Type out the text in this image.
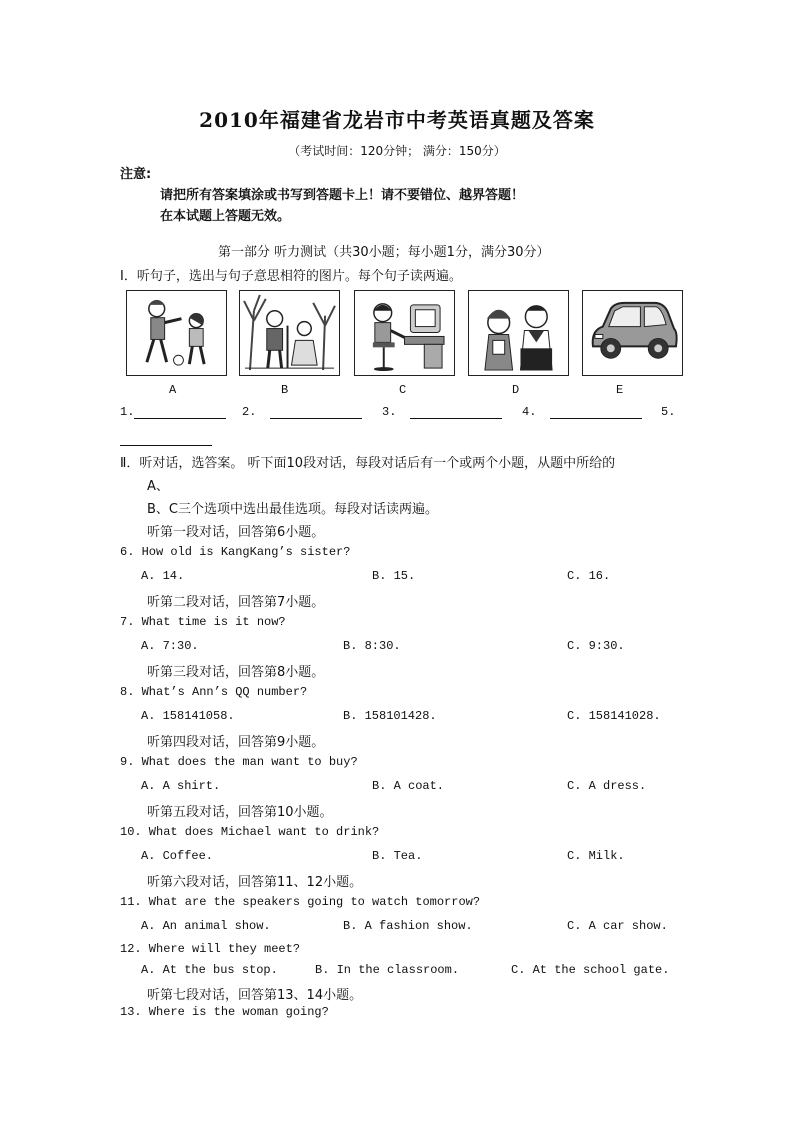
2010年福建省龙岩市中考英语真题及答案
（考试时间：120分钟； 满分：150分）
注意:
请把所有答案填涂或书写到答题卡上！请不要错位、越界答题！
在本试题上答题无效。
第一部分 听力测试（共30小题；每小题1分，满分30分）
Ⅰ．听句子，选出与句子意思相符的图片。每个句子读两遍。
A	B	C	D	E
1.	2.	3.	4.	5.
Ⅱ．听对话，选答案。 听下面10段对话，每段对话后有一个或两个小题，从题中所给的
A、
B、C三个选项中选出最佳选项。每段对话读两遍。
听第一段对话，回答第6小题。
6. How old is KangKang’s sister?
A. 14.	B. 15.	C. 16.
听第二段对话，回答第7小题。
7. What time is it now?
A. 7:30.	B. 8:30.	C. 9:30.
听第三段对话，回答第8小题。
8. What’s Ann’s QQ number?
A. 158141058.	B. 158101428.	C. 158141028.
听第四段对话，回答第9小题。
9. What does the man want to buy?
A. A shirt.	B. A coat.	C. A dress.
听第五段对话，回答第10小题。
10. What does Michael want to drink?
A. Coffee.	B. Tea.	C. Milk.
听第六段对话，回答第11、12小题。
11. What are the speakers going to watch tomorrow?
A. An animal show.	B. A fashion show.	C. A car show.
12. Where will they meet?
A. At the bus stop.	B. In the classroom.	C. At the school gate.
听第七段对话，回答第13、14小题。
13. Where is the woman going?
